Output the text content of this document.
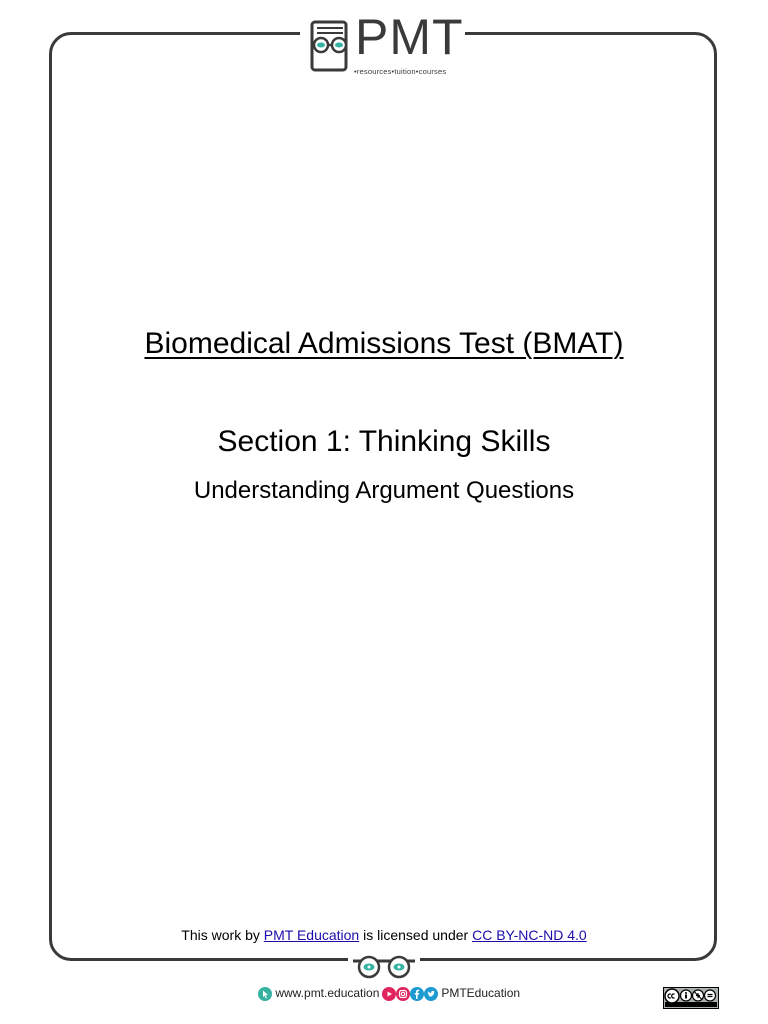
PMT
•resources•tuition•courses
Biomedical Admissions Test (BMAT)
Section 1: Thinking Skills
Understanding Argument Questions
This work by PMT Education is licensed under CC BY-NC-ND 4.0
www.pmt.education	PMTEducation
